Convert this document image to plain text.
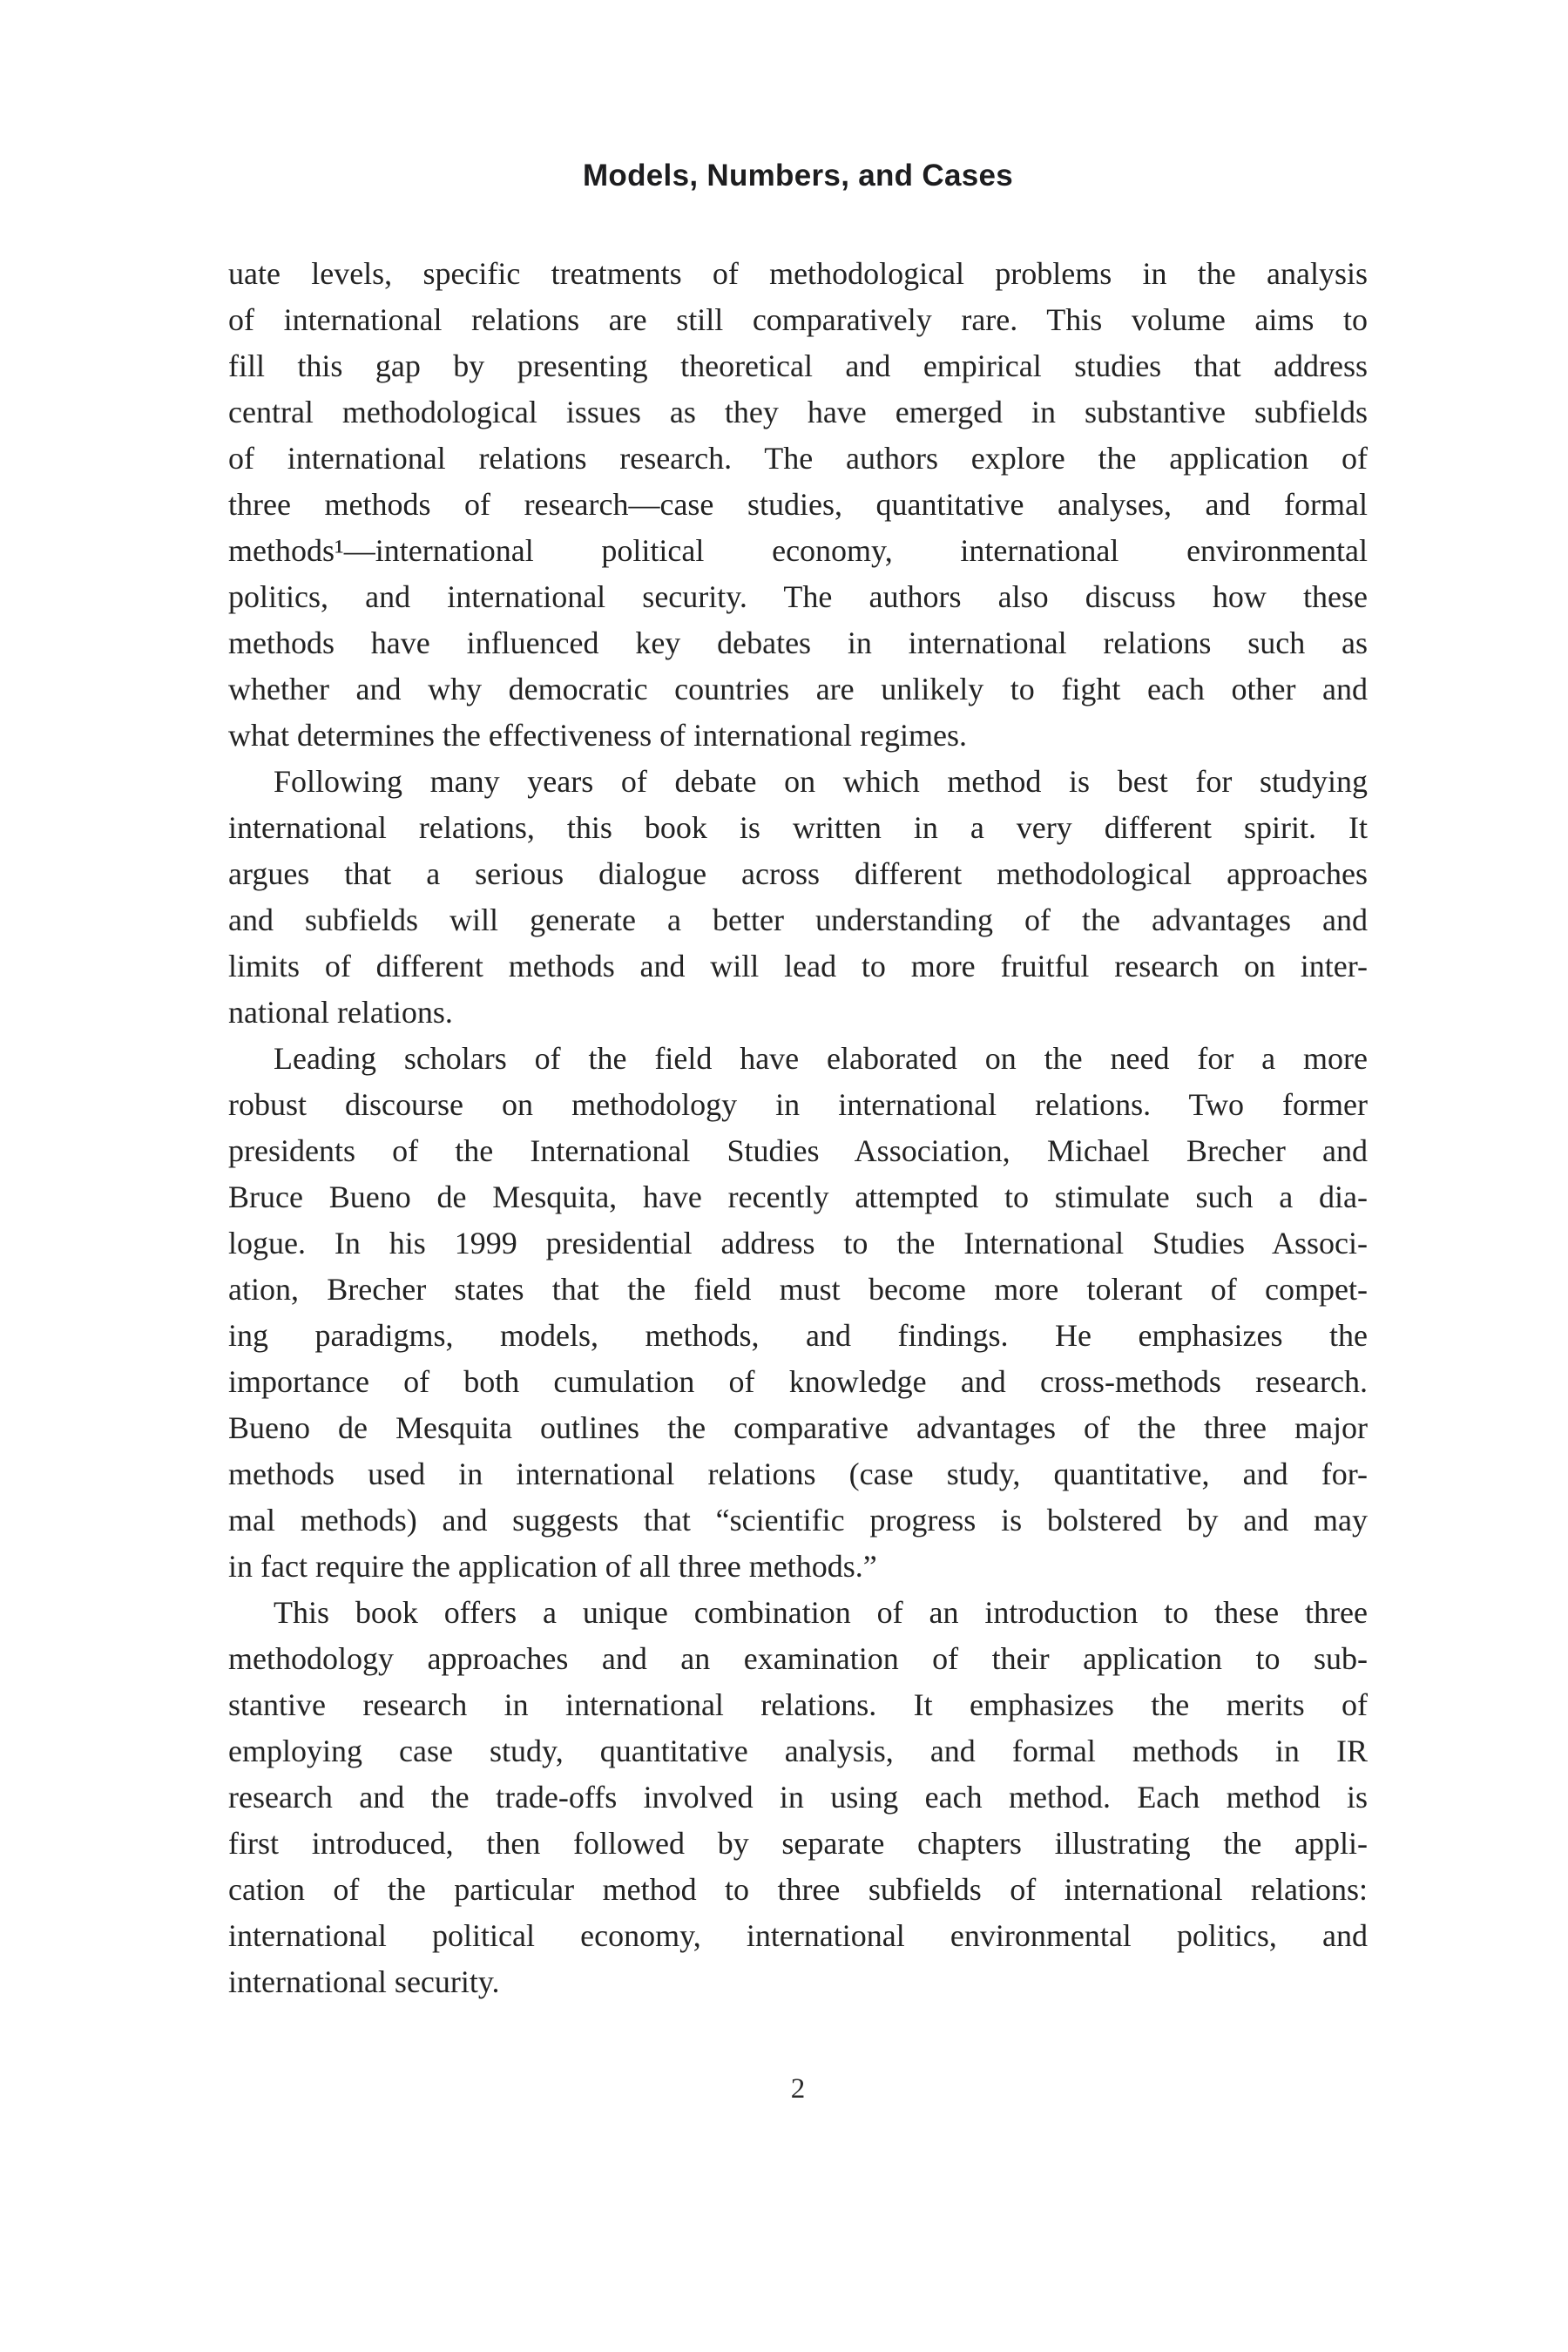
Models, Numbers, and Cases
uate levels, specific treatments of methodological problems in the analysis
of international relations are still comparatively rare. This volume aims to
fill this gap by presenting theoretical and empirical studies that address
central methodological issues as they have emerged in substantive subfields
of international relations research. The authors explore the application of
three methods of research—case studies, quantitative analyses, and formal
methods¹—international political economy, international environmental
politics, and international security. The authors also discuss how these
methods have influenced key debates in international relations such as
whether and why democratic countries are unlikely to fight each other and
what determines the effectiveness of international regimes.
Following many years of debate on which method is best for studying
international relations, this book is written in a very different spirit. It
argues that a serious dialogue across different methodological approaches
and subfields will generate a better understanding of the advantages and
limits of different methods and will lead to more fruitful research on inter-
national relations.
Leading scholars of the field have elaborated on the need for a more
robust discourse on methodology in international relations. Two former
presidents of the International Studies Association, Michael Brecher and
Bruce Bueno de Mesquita, have recently attempted to stimulate such a dia-
logue. In his 1999 presidential address to the International Studies Associ-
ation, Brecher states that the field must become more tolerant of compet-
ing paradigms, models, methods, and findings. He emphasizes the
importance of both cumulation of knowledge and cross-methods research.
Bueno de Mesquita outlines the comparative advantages of the three major
methods used in international relations (case study, quantitative, and for-
mal methods) and suggests that “scientific progress is bolstered by and may
in fact require the application of all three methods.”
This book offers a unique combination of an introduction to these three
methodology approaches and an examination of their application to sub-
stantive research in international relations. It emphasizes the merits of
employing case study, quantitative analysis, and formal methods in IR
research and the trade-offs involved in using each method. Each method is
first introduced, then followed by separate chapters illustrating the appli-
cation of the particular method to three subfields of international relations:
international political economy, international environmental politics, and
international security.
2
